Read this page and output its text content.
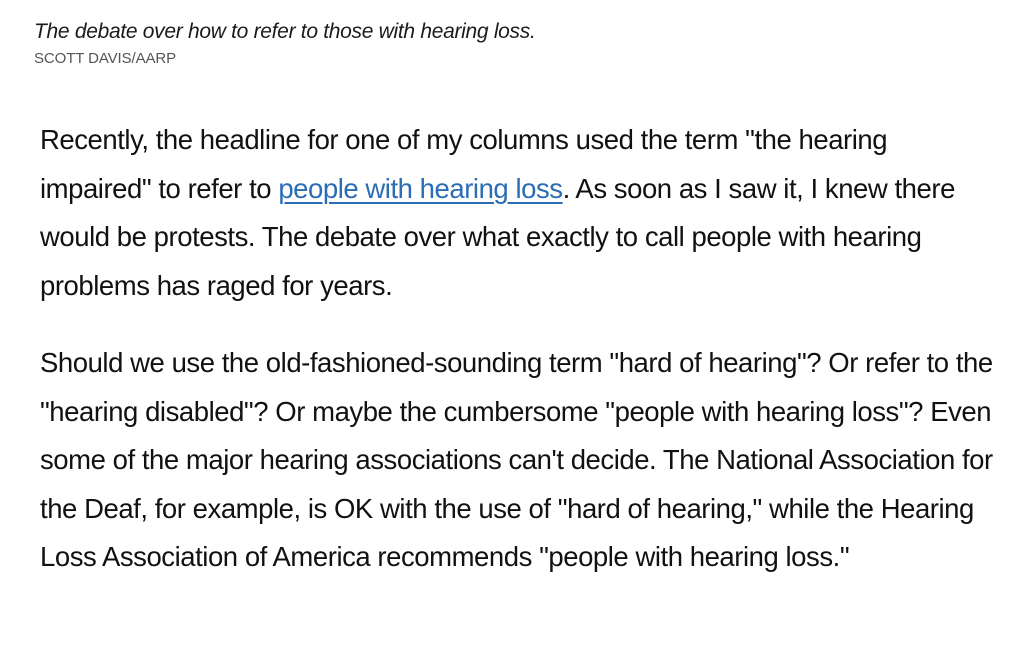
The debate over how to refer to those with hearing loss.
SCOTT DAVIS/AARP

Recently, the headline for one of my columns used the term "the hearing impaired" to refer to people with hearing loss. As soon as I saw it, I knew there would be protests. The debate over what exactly to call people with hearing problems has raged for years.

Should we use the old-fashioned-sounding term "hard of hearing"? Or refer to the "hearing disabled"? Or maybe the cumbersome "people with hearing loss"? Even some of the major hearing associations can't decide. The National Association for the Deaf, for example, is OK with the use of "hard of hearing," while the Hearing Loss Association of America recommends "people with hearing loss."
